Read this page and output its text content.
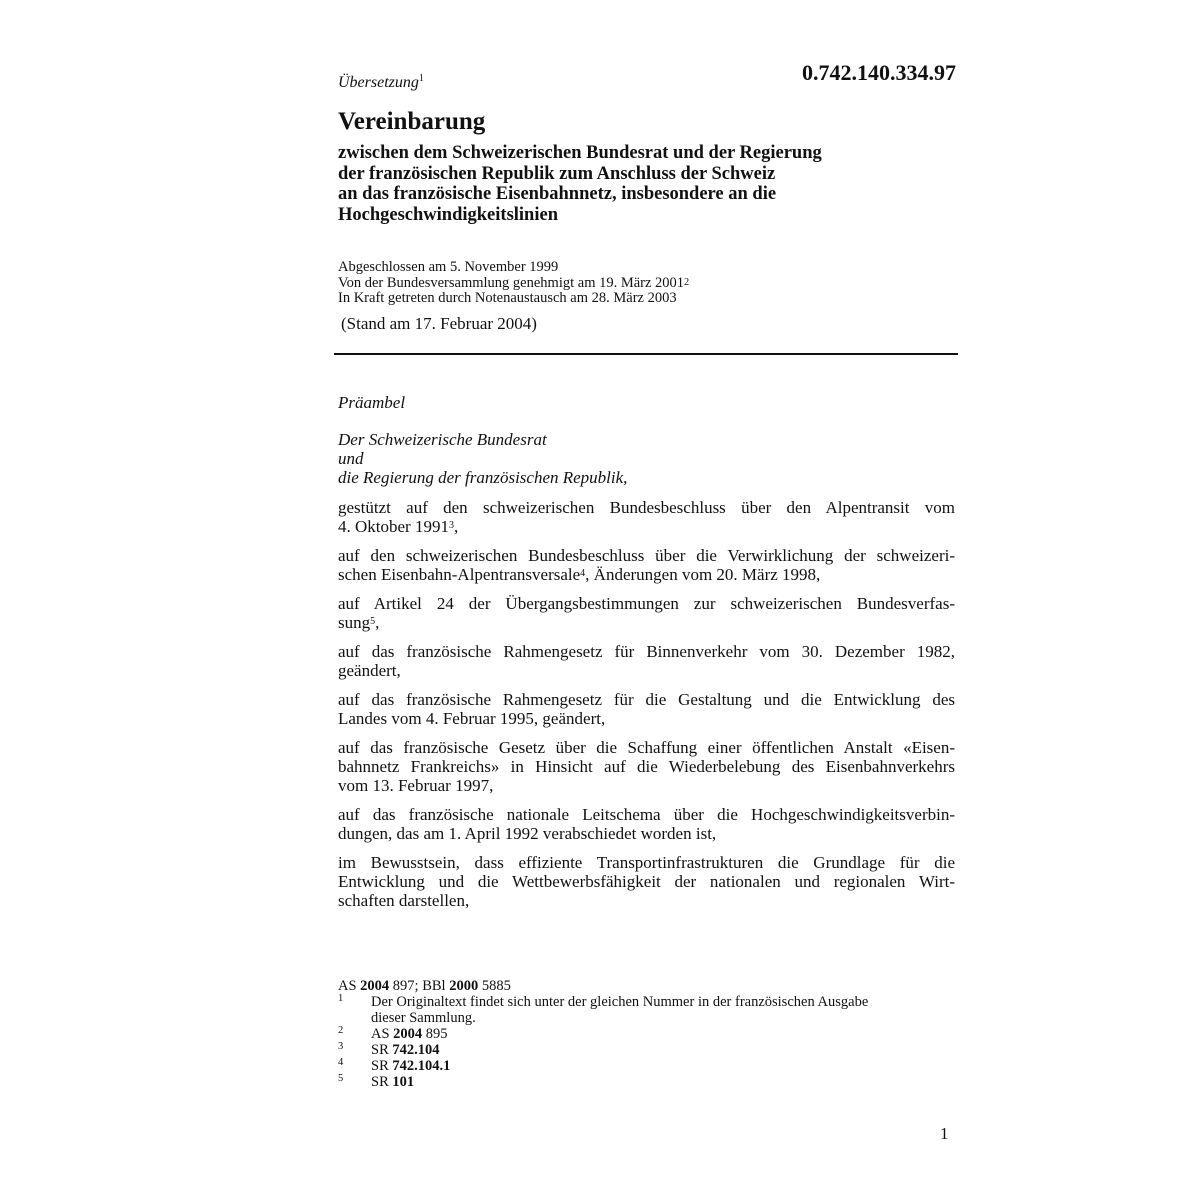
0.742.140.334.97
Übersetzung$^1$
Vereinbarung
zwischen dem Schweizerischen Bundesrat und der Regierung
der französischen Republik zum Anschluss der Schweiz
an das französische Eisenbahnnetz, insbesondere an die
Hochgeschwindigkeitslinien
Abgeschlossen am 5. November 1999
Von der Bundesversammlung genehmigt am 19. März 2001$^2$
In Kraft getreten durch Notenaustausch am 28. März 2003
(Stand am 17. Februar 2004)
Präambel
Der Schweizerische Bundesrat
und
die Regierung der französischen Republik,
gestützt auf den schweizerischen Bundesbeschluss über den Alpentransit vom
4. Oktober 1991$^3$,
auf den schweizerischen Bundesbeschluss über die Verwirklichung der schweizeri-
schen Eisenbahn-Alpentransversale$^4$, Änderungen vom 20. März 1998,
auf Artikel 24 der Übergangsbestimmungen zur schweizerischen Bundesverfas-
sung$^5$,
auf das französische Rahmengesetz für Binnenverkehr vom 30. Dezember 1982,
geändert,
auf das französische Rahmengesetz für die Gestaltung und die Entwicklung des
Landes vom 4. Februar 1995, geändert,
auf das französische Gesetz über die Schaffung einer öffentlichen Anstalt «Eisen-
bahnnetz Frankreichs» in Hinsicht auf die Wiederbelebung des Eisenbahnverkehrs
vom 13. Februar 1997,
auf das französische nationale Leitschema über die Hochgeschwindigkeitsverbin-
dungen, das am 1. April 1992 verabschiedet worden ist,
im Bewusstsein, dass effiziente Transportinfrastrukturen die Grundlage für die
Entwicklung und die Wettbewerbsfähigkeit der nationalen und regionalen Wirt-
schaften darstellen,
AS 2004 897; BBl 2000 5885
1 Der Originaltext findet sich unter der gleichen Nummer in der französischen Ausgabe
dieser Sammlung.
2 AS 2004 895
3 SR 742.104
4 SR 742.104.1
5 SR 101
1
